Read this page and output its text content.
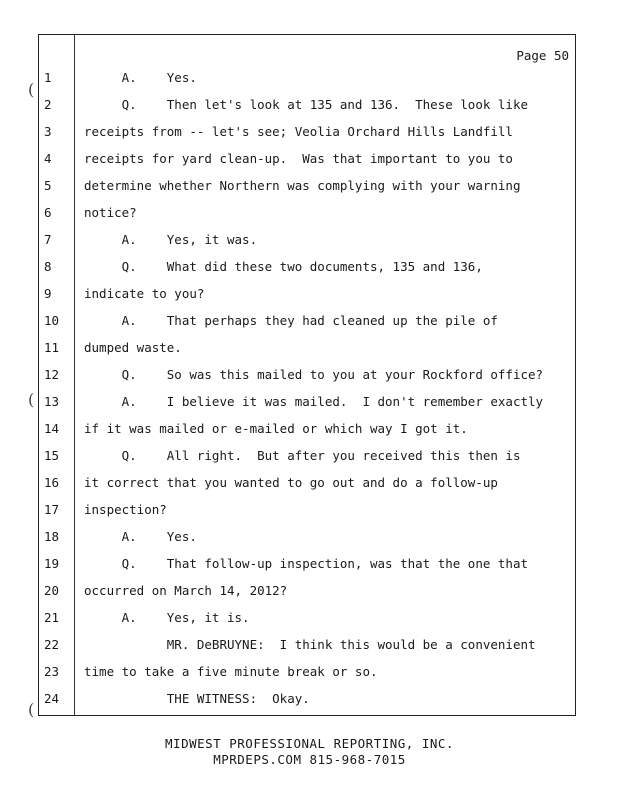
Page 50
(
(
(
1	A.    Yes.
2	Q.    Then let's look at 135 and 136.  These look like
3	receipts from -- let's see; Veolia Orchard Hills Landfill
4	receipts for yard clean-up.  Was that important to you to
5	determine whether Northern was complying with your warning
6	notice?
7	A.    Yes, it was.
8	Q.    What did these two documents, 135 and 136,
9	indicate to you?
10	A.    That perhaps they had cleaned up the pile of
11	dumped waste.
12	Q.    So was this mailed to you at your Rockford office?
13	A.    I believe it was mailed.  I don't remember exactly
14	if it was mailed or e-mailed or which way I got it.
15	Q.    All right.  But after you received this then is
16	it correct that you wanted to go out and do a follow-up
17	inspection?
18	A.    Yes.
19	Q.    That follow-up inspection, was that the one that
20	occurred on March 14, 2012?
21	A.    Yes, it is.
22	MR. DeBRUYNE:  I think this would be a convenient
23	time to take a five minute break or so.
24	THE WITNESS:  Okay.
MIDWEST PROFESSIONAL REPORTING, INC.
MPRDEPS.COM 815-968-7015
